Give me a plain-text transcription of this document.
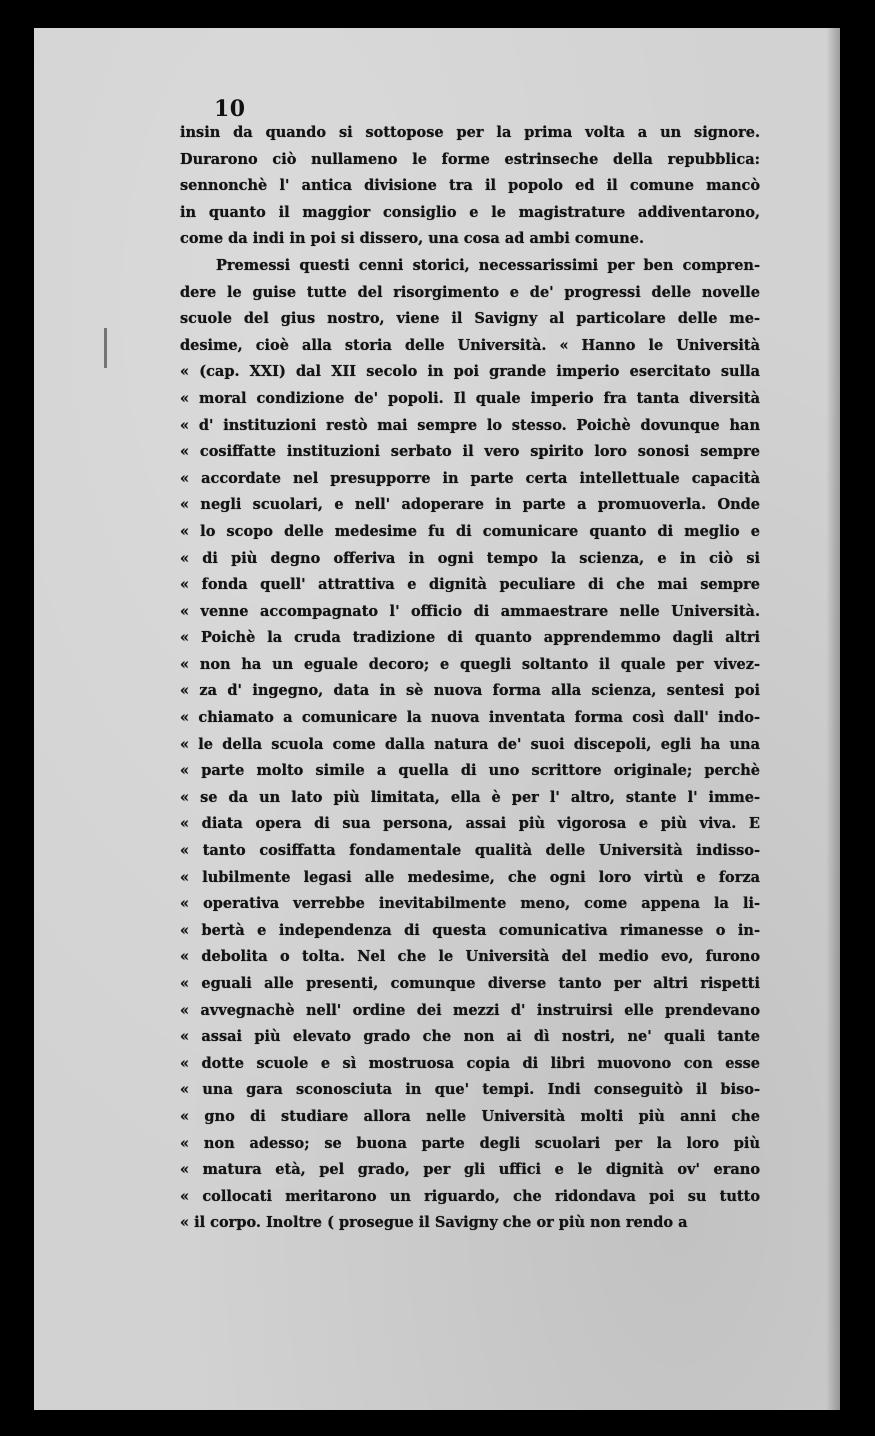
10
insin da quando si sottopose per la prima volta a un signore.
Durarono ciò nullameno le forme estrinseche della repubblica:
sennonchè l' antica divisione tra il popolo ed il comune mancò
in quanto il maggior consiglio e le magistrature addiventarono,
come da indi in poi si dissero, una cosa ad ambi comune.
Premessi questi cenni storici, necessarissimi per ben compren-
dere le guise tutte del risorgimento e de' progressi delle novelle
scuole del gius nostro, viene il Savigny al particolare delle me-
desime, cioè alla storia delle Università. « Hanno le Università
« (cap. XXI) dal XII secolo in poi grande imperio esercitato sulla
« moral condizione de' popoli. Il quale imperio fra tanta diversità
« d' instituzioni restò mai sempre lo stesso. Poichè dovunque han
« cosiffatte instituzioni serbato il vero spirito loro sonosi sempre
« accordate nel presupporre in parte certa intellettuale capacità
« negli scuolari, e nell' adoperare in parte a promuoverla. Onde
« lo scopo delle medesime fu di comunicare quanto di meglio e
« di più degno offeriva in ogni tempo la scienza, e in ciò si
« fonda quell' attrattiva e dignità peculiare di che mai sempre
« venne accompagnato l' officio di ammaestrare nelle Università.
« Poichè la cruda tradizione di quanto apprendemmo dagli altri
« non ha un eguale decoro; e quegli soltanto il quale per vivez-
« za d' ingegno, data in sè nuova forma alla scienza, sentesi poi
« chiamato a comunicare la nuova inventata forma così dall' indo-
« le della scuola come dalla natura de' suoi discepoli, egli ha una
« parte molto simile a quella di uno scrittore originale; perchè
« se da un lato più limitata, ella è per l' altro, stante l' imme-
« diata opera di sua persona, assai più vigorosa e più viva. E
« tanto cosiffatta fondamentale qualità delle Università indisso-
« lubilmente legasi alle medesime, che ogni loro virtù e forza
« operativa verrebbe inevitabilmente meno, come appena la li-
« bertà e independenza di questa comunicativa rimanesse o in-
« debolita o tolta. Nel che le Università del medio evo, furono
« eguali alle presenti, comunque diverse tanto per altri rispetti
« avvegnachè nell' ordine dei mezzi d' instruirsi elle prendevano
« assai più elevato grado che non ai dì nostri, ne' quali tante
« dotte scuole e sì mostruosa copia di libri muovono con esse
« una gara sconosciuta in que' tempi. Indi conseguitò il biso-
« gno di studiare allora nelle Università molti più anni che
« non adesso; se buona parte degli scuolari per la loro più
« matura età, pel grado, per gli uffici e le dignità ov' erano
« collocati meritarono un riguardo, che ridondava poi su tutto
« il corpo. Inoltre ( prosegue il Savigny che or più non rendo a
